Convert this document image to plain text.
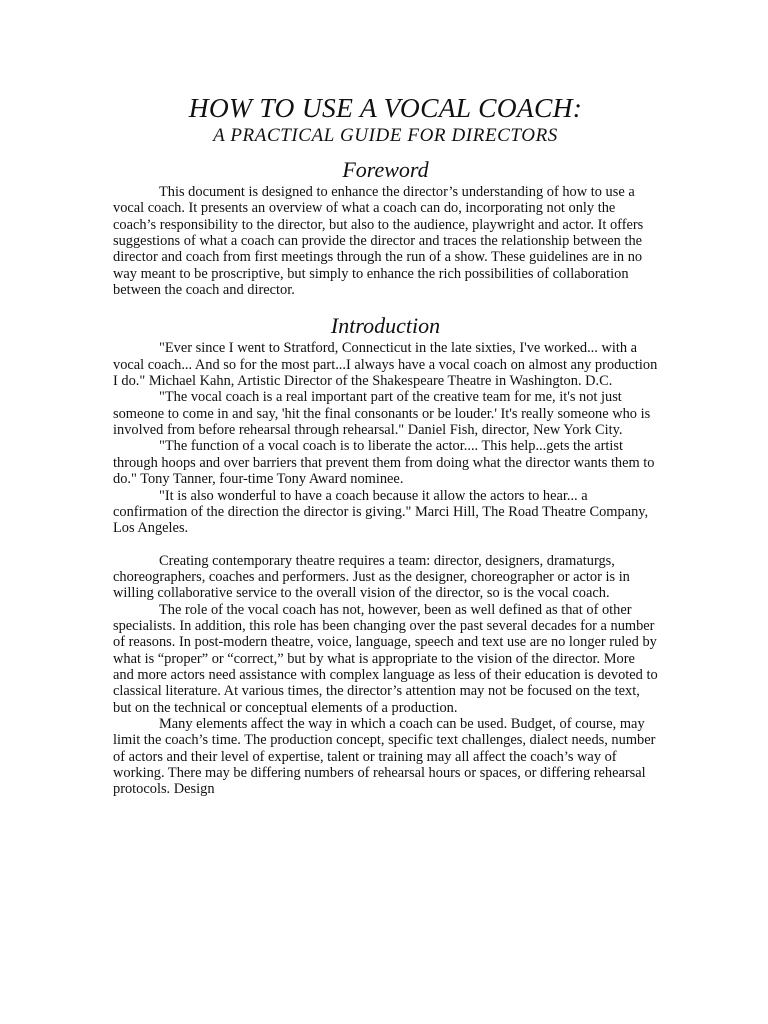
HOW TO USE A VOCAL COACH:
A PRACTICAL GUIDE FOR DIRECTORS
Foreword

This document is designed to enhance the director’s understanding of how to use a vocal coach. It presents an overview of what a coach can do, incorporating not only the coach’s responsibility to the director, but also to the audience, playwright and actor. It offers suggestions of what a coach can provide the director and traces the relationship between the director and coach from first meetings through the run of a show. These guidelines are in no way meant to be proscriptive, but simply to enhance the rich possibilities of collaboration between the coach and director.

Introduction

"Ever since I went to Stratford, Connecticut in the late sixties, I've worked... with a vocal coach... And so for the most part...I always have a vocal coach on almost any production I do." Michael Kahn, Artistic Director of the Shakespeare Theatre in Washington. D.C.

"The vocal coach is a real important part of the creative team for me, it's not just someone to come in and say, 'hit the final consonants or be louder.' It's really someone who is involved from before rehearsal through rehearsal." Daniel Fish, director, New York City.

"The function of a vocal coach is to liberate the actor.... This help...gets the artist through hoops and over barriers that prevent them from doing what the director wants them to do." Tony Tanner, four-time Tony Award nominee.

"It is also wonderful to have a coach because it allow the actors to hear... a confirmation of the direction the director is giving." Marci Hill, The Road Theatre Company, Los Angeles.

Creating contemporary theatre requires a team: director, designers, dramaturgs, choreographers, coaches and performers. Just as the designer, choreographer or actor is in willing collaborative service to the overall vision of the director, so is the vocal coach.

The role of the vocal coach has not, however, been as well defined as that of other specialists. In addition, this role has been changing over the past several decades for a number of reasons. In post-modern theatre, voice, language, speech and text use are no longer ruled by what is “proper” or “correct,” but by what is appropriate to the vision of the director. More and more actors need assistance with complex language as less of their education is devoted to classical literature. At various times, the director’s attention may not be focused on the text, but on the technical or conceptual elements of a production.

Many elements affect the way in which a coach can be used. Budget, of course, may limit the coach’s time. The production concept, specific text challenges, dialect needs, number of actors and their level of expertise, talent or training may all affect the coach’s way of working. There may be differing numbers of rehearsal hours or spaces, or differing rehearsal protocols. Design
